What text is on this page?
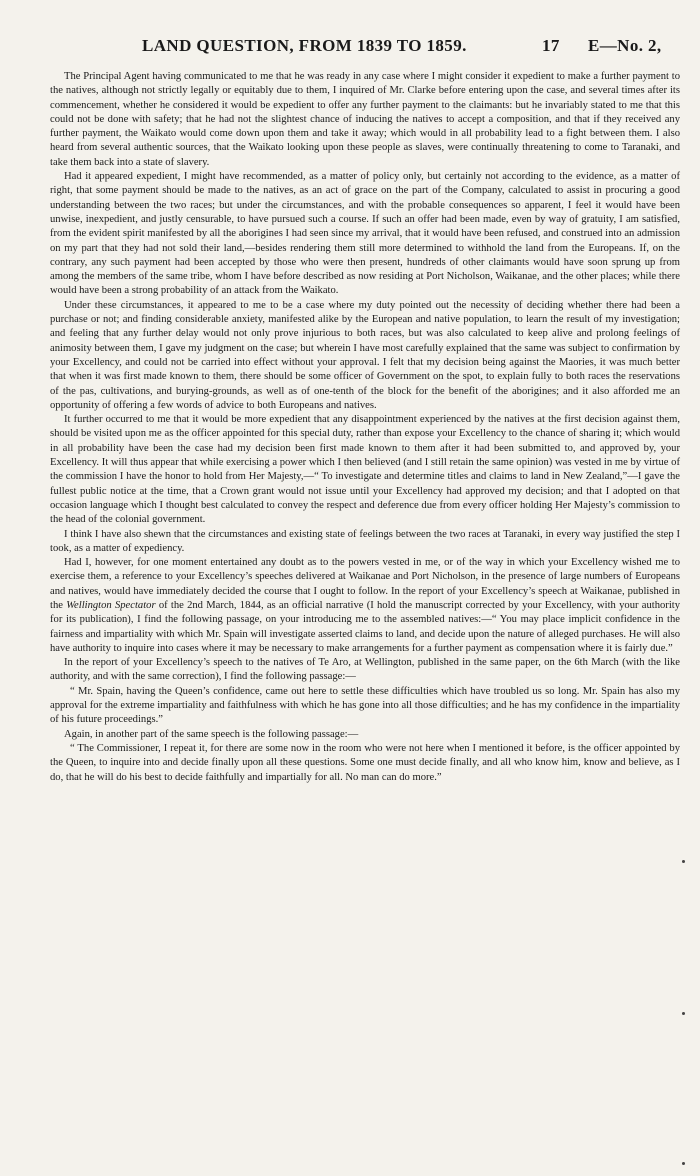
LAND QUESTION, FROM 1839 TO 1859.	17 E—No. 2,

The Principal Agent having communicated to me that he was ready in any case where I might consider it expedient to make a further payment to the natives, although not strictly legally or equitably due to them, I inquired of Mr. Clarke before entering upon the case, and several times after its commencement, whether he considered it would be expedient to offer any further payment to the claimants: but he invariably stated to me that this could not be done with safety; that he had not the slightest chance of inducing the natives to accept a composition, and that if they received any further payment, the Waikato would come down upon them and take it away; which would in all probability lead to a fight between them. I also heard from several authentic sources, that the Waikato looking upon these people as slaves, were continually threatening to come to Taranaki, and take them back into a state of slavery.

Had it appeared expedient, I might have recommended, as a matter of policy only, but certainly not according to the evidence, as a matter of right, that some payment should be made to the natives, as an act of grace on the part of the Company, calculated to assist in procuring a good understanding between the two races; but under the circumstances, and with the probable consequences so apparent, I feel it would have been unwise, inexpedient, and justly censurable, to have pursued such a course. If such an offer had been made, even by way of gratuity, I am satisfied, from the evident spirit manifested by all the aborigines I had seen since my arrival, that it would have been refused, and construed into an admission on my part that they had not sold their land,—besides rendering them still more determined to withhold the land from the Europeans. If, on the contrary, any such payment had been accepted by those who were then present, hundreds of other claimants would have soon sprung up from among the members of the same tribe, whom I have before described as now residing at Port Nicholson, Waikanae, and the other places; while there would have been a strong probability of an attack from the Waikato.

Under these circumstances, it appeared to me to be a case where my duty pointed out the necessity of deciding whether there had been a purchase or not; and finding considerable anxiety, manifested alike by the European and native population, to learn the result of my investigation; and feeling that any further delay would not only prove injurious to both races, but was also calculated to keep alive and prolong feelings of animosity between them, I gave my judgment on the case; but wherein I have most carefully explained that the same was subject to confirmation by your Excellency, and could not be carried into effect without your approval. I felt that my decision being against the Maories, it was much better that when it was first made known to them, there should be some officer of Government on the spot, to explain fully to both races the reservations of the pas, cultivations, and burying-grounds, as well as of one-tenth of the block for the benefit of the aborigines; and it also afforded me an opportunity of offering a few words of advice to both Europeans and natives.

It further occurred to me that it would be more expedient that any disappointment experienced by the natives at the first decision against them, should be visited upon me as the officer appointed for this special duty, rather than expose your Excellency to the chance of sharing it; which would in all probability have been the case had my decision been first made known to them after it had been submitted to, and approved by, your Excellency. It will thus appear that while exercising a power which I then believed (and I still retain the same opinion) was vested in me by virtue of the commission I have the honor to hold from Her Majesty,—“ To investigate and determine titles and claims to land in New Zealand,”—I gave the fullest public notice at the time, that a Crown grant would not issue until your Excellency had approved my decision; and that I adopted on that occasion language which I thought best calculated to convey the respect and deference due from every officer holding Her Majesty’s commission to the head of the colonial government.

I think I have also shewn that the circumstances and existing state of feelings between the two races at Taranaki, in every way justified the step I took, as a matter of expediency.

Had I, however, for one moment entertained any doubt as to the powers vested in me, or of the way in which your Excellency wished me to exercise them, a reference to your Excellency’s speeches delivered at Waikanae and Port Nicholson, in the presence of large numbers of Europeans and natives, would have immediately decided the course that I ought to follow. In the report of your Excellency’s speech at Waikanae, published in the Wellington Spectator of the 2nd March, 1844, as an official narrative (I hold the manuscript corrected by your Excellency, with your authority for its publication), I find the following passage, on your introducing me to the assembled natives:—“ You may place implicit confidence in the fairness and impartiality with which Mr. Spain will investigate asserted claims to land, and decide upon the nature of alleged purchases. He will also have authority to inquire into cases where it may be necessary to make arrangements for a further payment as compensation where it is fairly due.”

In the report of your Excellency’s speech to the natives of Te Aro, at Wellington, published in the same paper, on the 6th March (with the like authority, and with the same correction), I find the following passage:—

“ Mr. Spain, having the Queen’s confidence, came out here to settle these difficulties which have troubled us so long. Mr. Spain has also my approval for the extreme impartiality and faithfulness with which he has gone into all those difficulties; and he has my confidence in the impartiality of his future proceedings.”

Again, in another part of the same speech is the following passage:—

“ The Commissioner, I repeat it, for there are some now in the room who were not here when I mentioned it before, is the officer appointed by the Queen, to inquire into and decide finally upon all these questions. Some one must decide finally, and all who know him, know and believe, as I do, that he will do his best to decide faithfully and impartially for all. No man can do more.”
